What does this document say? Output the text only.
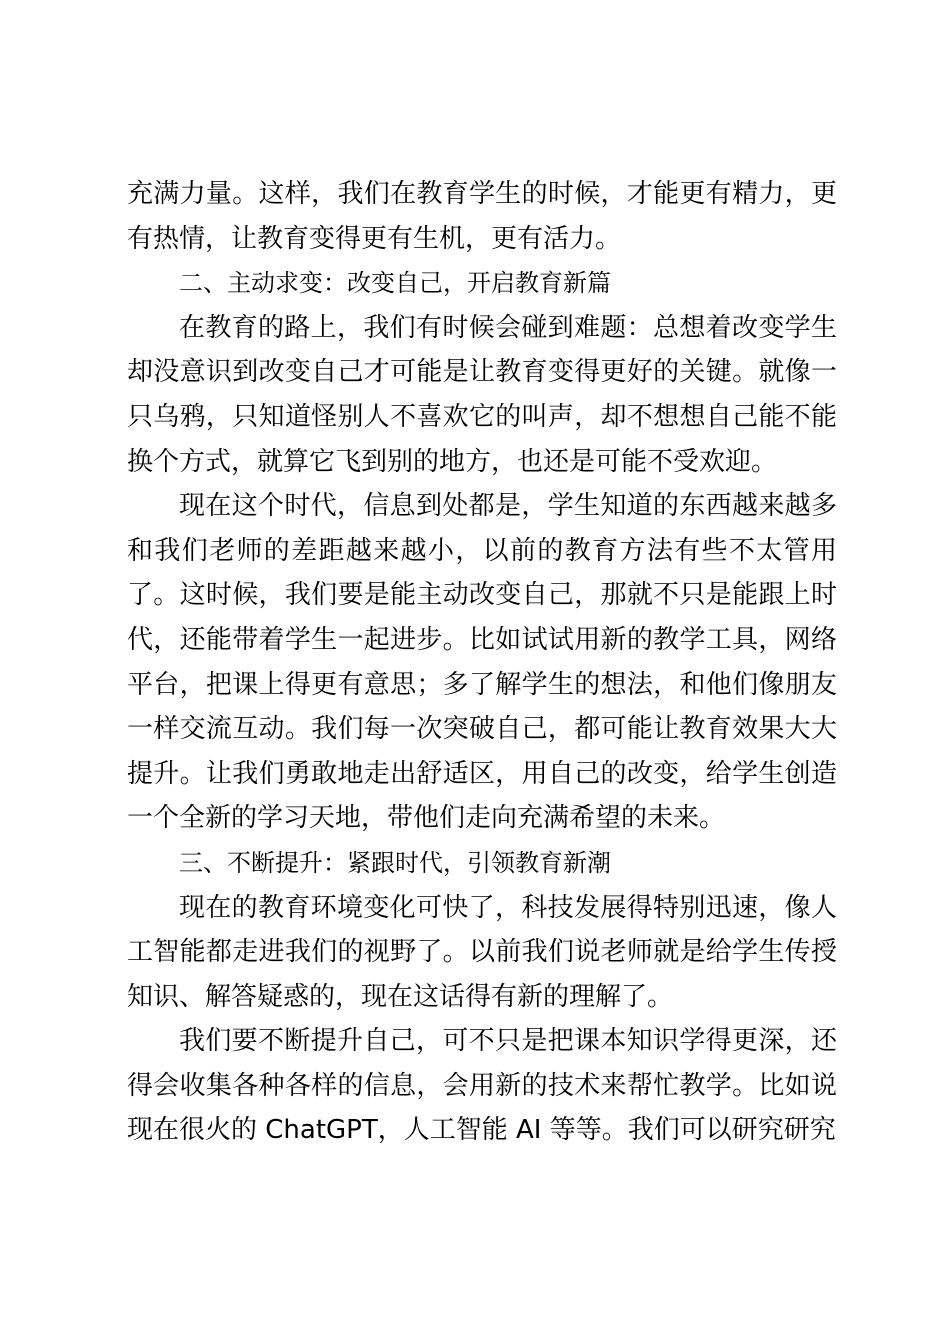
充满力量。这样，我们在教育学生的时候，才能更有精力，更有热情，让教育变得更有生机，更有活力。

二、主动求变：改变自己，开启教育新篇

在教育的路上，我们有时候会碰到难题：总想着改变学生却没意识到改变自己才可能是让教育变得更好的关键。就像一只乌鸦，只知道怪别人不喜欢它的叫声，却不想想自己能不能换个方式，就算它飞到别的地方，也还是可能不受欢迎。

现在这个时代，信息到处都是，学生知道的东西越来越多和我们老师的差距越来越小，以前的教育方法有些不太管用了。这时候，我们要是能主动改变自己，那就不只是能跟上时代，还能带着学生一起进步。比如试试用新的教学工具，网络平台，把课上得更有意思；多了解学生的想法，和他们像朋友一样交流互动。我们每一次突破自己，都可能让教育效果大大提升。让我们勇敢地走出舒适区，用自己的改变，给学生创造一个全新的学习天地，带他们走向充满希望的未来。

三、不断提升：紧跟时代，引领教育新潮

现在的教育环境变化可快了，科技发展得特别迅速，像人工智能都走进我们的视野了。以前我们说老师就是给学生传授知识、解答疑惑的，现在这话得有新的理解了。

我们要不断提升自己，可不只是把课本知识学得更深，还得会收集各种各样的信息，会用新的技术来帮忙教学。比如说现在很火的 ChatGPT，人工智能 AI 等等。我们可以研究研究
